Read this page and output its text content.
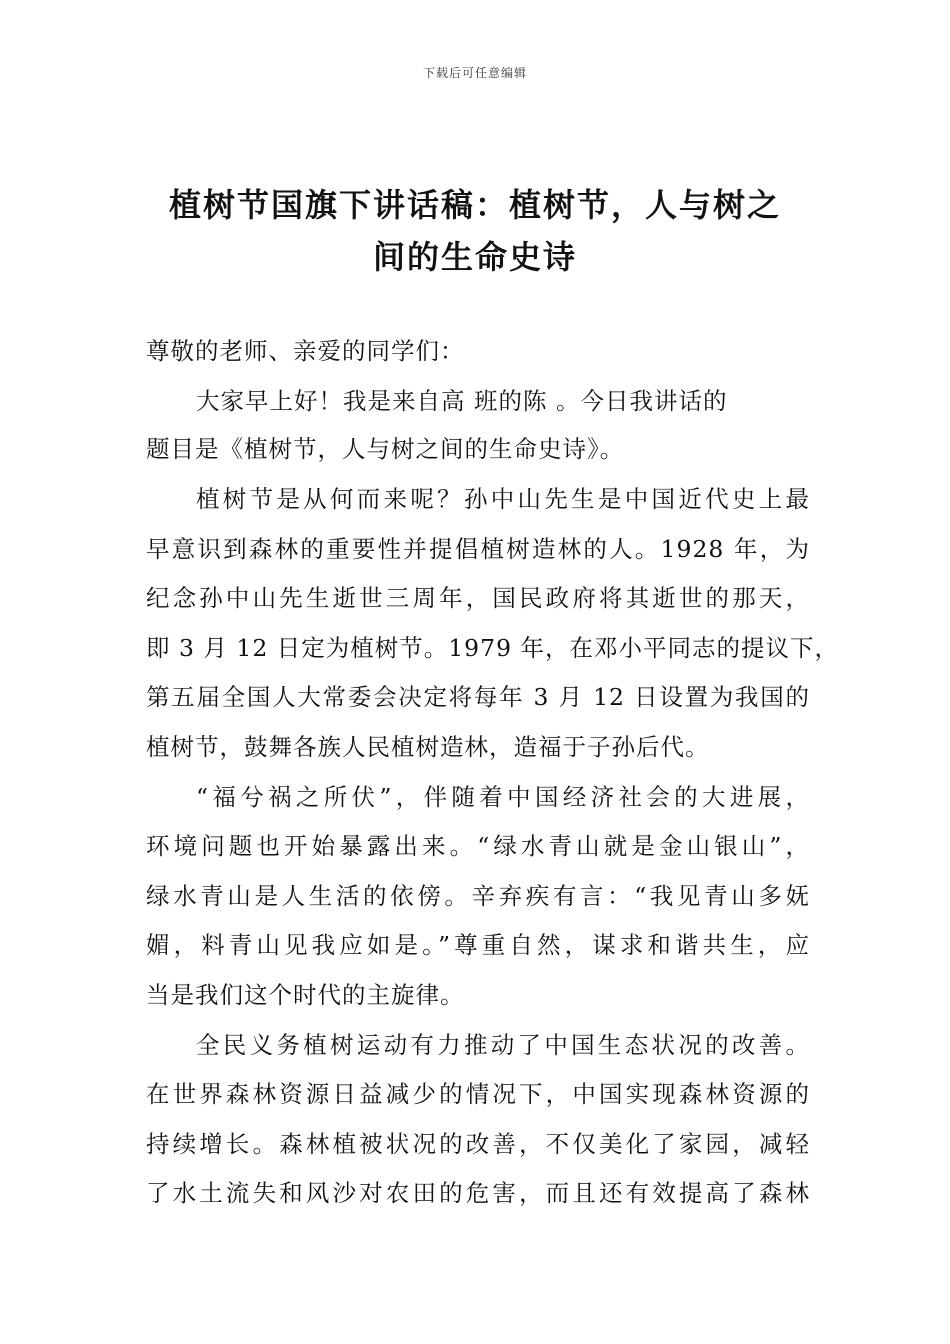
下载后可任意编辑
植树节国旗下讲话稿：植树节，人与树之
间的生命史诗
尊敬的老师、亲爱的同学们：
大家早上好！我是来自高 班的陈 。今日我讲话的
题目是《植树节，人与树之间的生命史诗》。
植树节是从何而来呢？孙中山先生是中国近代史上最
早意识到森林的重要性并提倡植树造林的人。1928 年，为
纪念孙中山先生逝世三周年，国民政府将其逝世的那天，
即 3 月 12 日定为植树节。1979 年，在邓小平同志的提议下，
第五届全国人大常委会决定将每年 3 月 12 日设置为我国的
植树节，鼓舞各族人民植树造林，造福于子孙后代。
“福兮祸之所伏”，伴随着中国经济社会的大进展，
环境问题也开始暴露出来。“绿水青山就是金山银山”，
绿水青山是人生活的依傍。辛弃疾有言：“我见青山多妩
媚，料青山见我应如是。”尊重自然，谋求和谐共生，应
当是我们这个时代的主旋律。
全民义务植树运动有力推动了中国生态状况的改善。
在世界森林资源日益减少的情况下，中国实现森林资源的
持续增长。森林植被状况的改善，不仅美化了家园，减轻
了水土流失和风沙对农田的危害，而且还有效提高了森林
